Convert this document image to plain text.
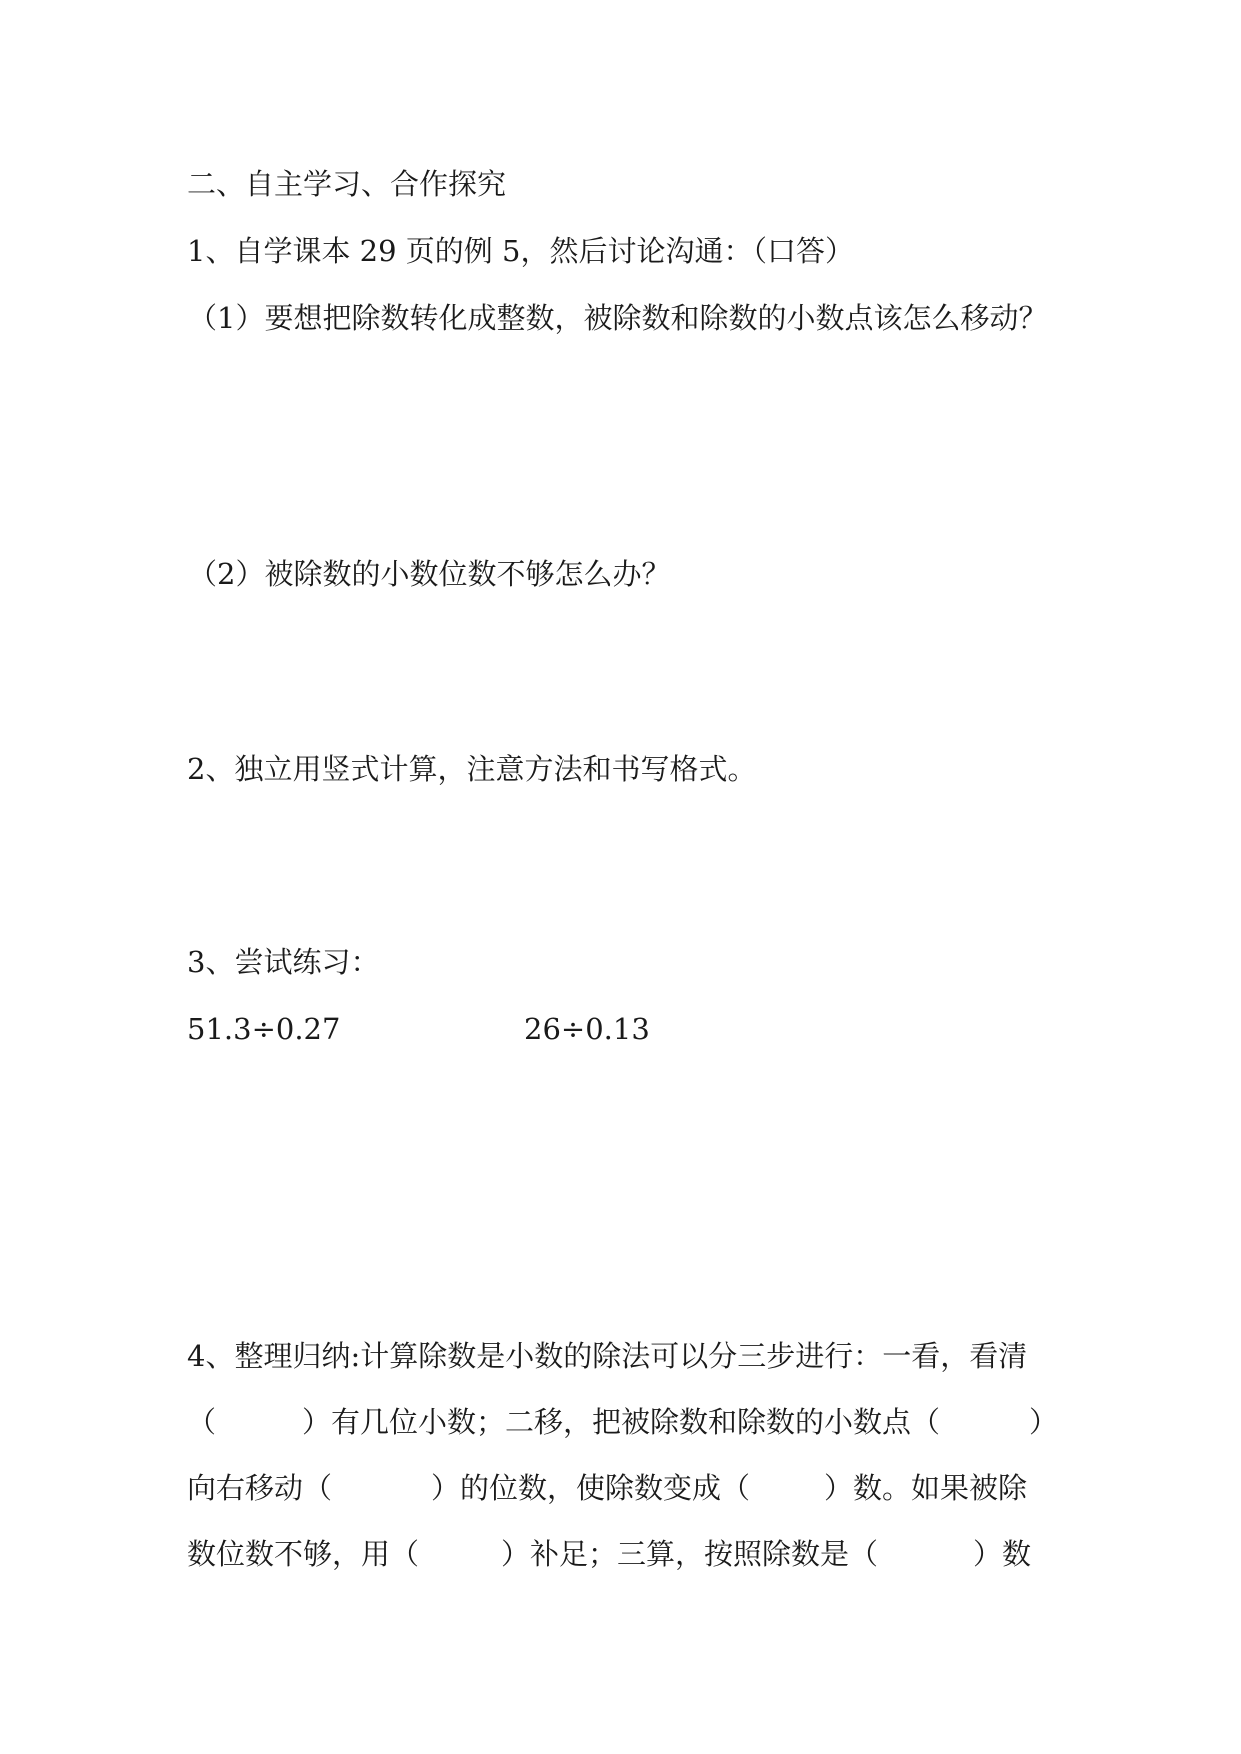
二、自主学习、合作探究
1、自学课本 29 页的例 5，然后讨论沟通：（口答）
（1）要想把除数转化成整数，被除数和除数的小数点该怎么移动？
（2）被除数的小数位数不够怎么办？
2、独立用竖式计算，注意方法和书写格式。
3、尝试练习：
51.3÷0.27	26÷0.13
4、整理归纳:计算除数是小数的除法可以分三步进行：一看，看清
（	）有几位小数；二移，把被除数和除数的小数点（	）
向右移动（	）的位数，使除数变成（	）数。如果被除
数位数不够，用（	）补足；三算，按照除数是（	）数
